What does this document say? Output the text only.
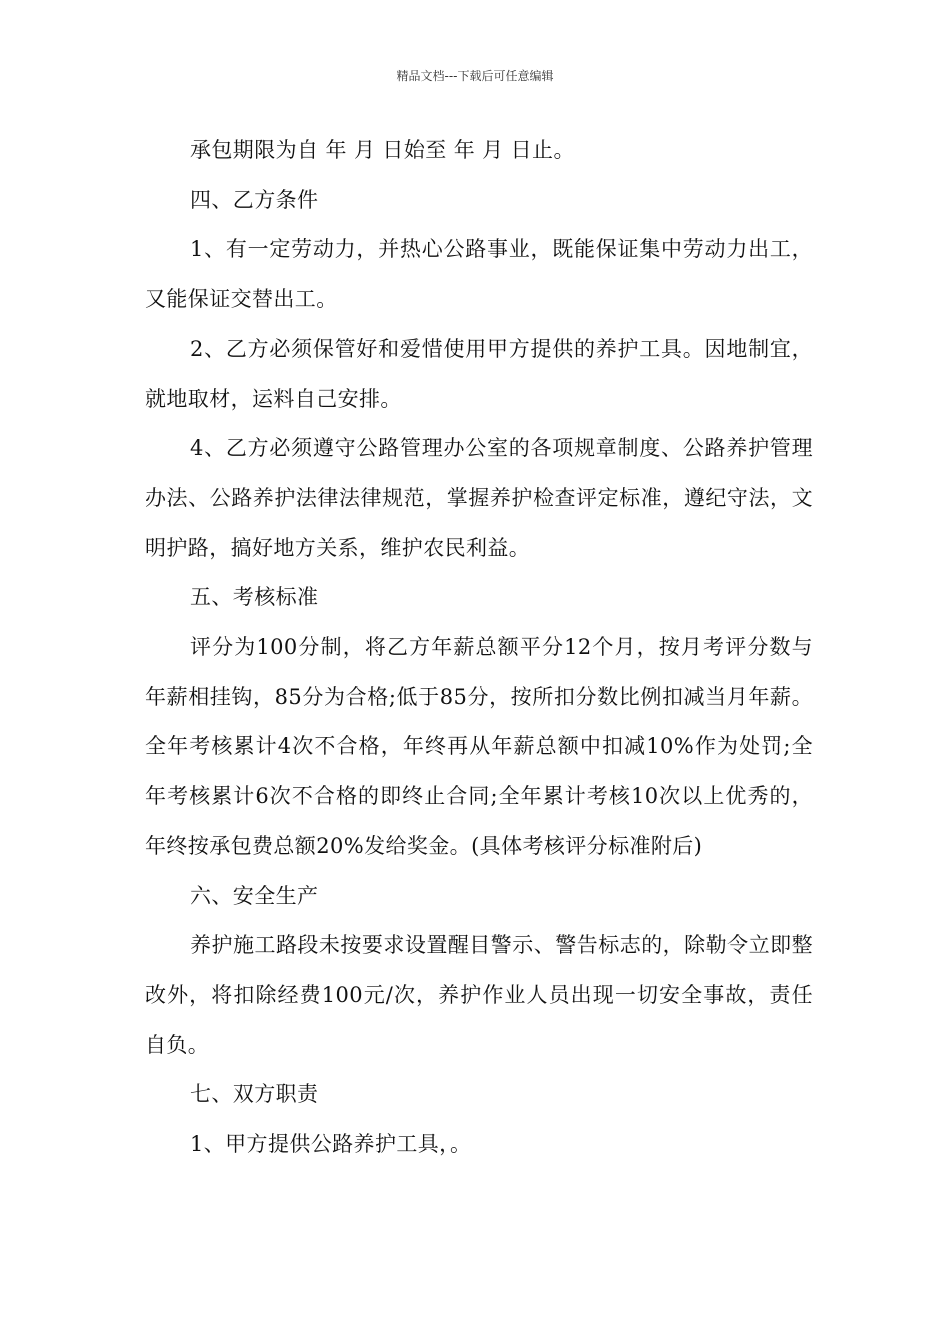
精品文档---下载后可任意编辑

承包期限为自 年 月 日始至 年 月 日止。

四、乙方条件

1、有一定劳动力，并热心公路事业，既能保证集中劳动力出工，又能保证交替出工。

2、乙方必须保管好和爱惜使用甲方提供的养护工具。因地制宜，就地取材，运料自己安排。

4、乙方必须遵守公路管理办公室的各项规章制度、公路养护管理办法、公路养护法律法律规范，掌握养护检查评定标准，遵纪守法，文明护路，搞好地方关系，维护农民利益。

五、考核标准

评分为100分制，将乙方年薪总额平分12个月，按月考评分数与年薪相挂钩，85分为合格;低于85分，按所扣分数比例扣减当月年薪。全年考核累计4次不合格，年终再从年薪总额中扣减10%作为处罚;全年考核累计6次不合格的即终止合同;全年累计考核10次以上优秀的，年终按承包费总额20%发给奖金。(具体考核评分标准附后)

六、安全生产

养护施工路段未按要求设置醒目警示、警告标志的，除勒令立即整改外，将扣除经费100元/次，养护作业人员出现一切安全事故，责任自负。

七、双方职责

1、甲方提供公路养护工具，。
